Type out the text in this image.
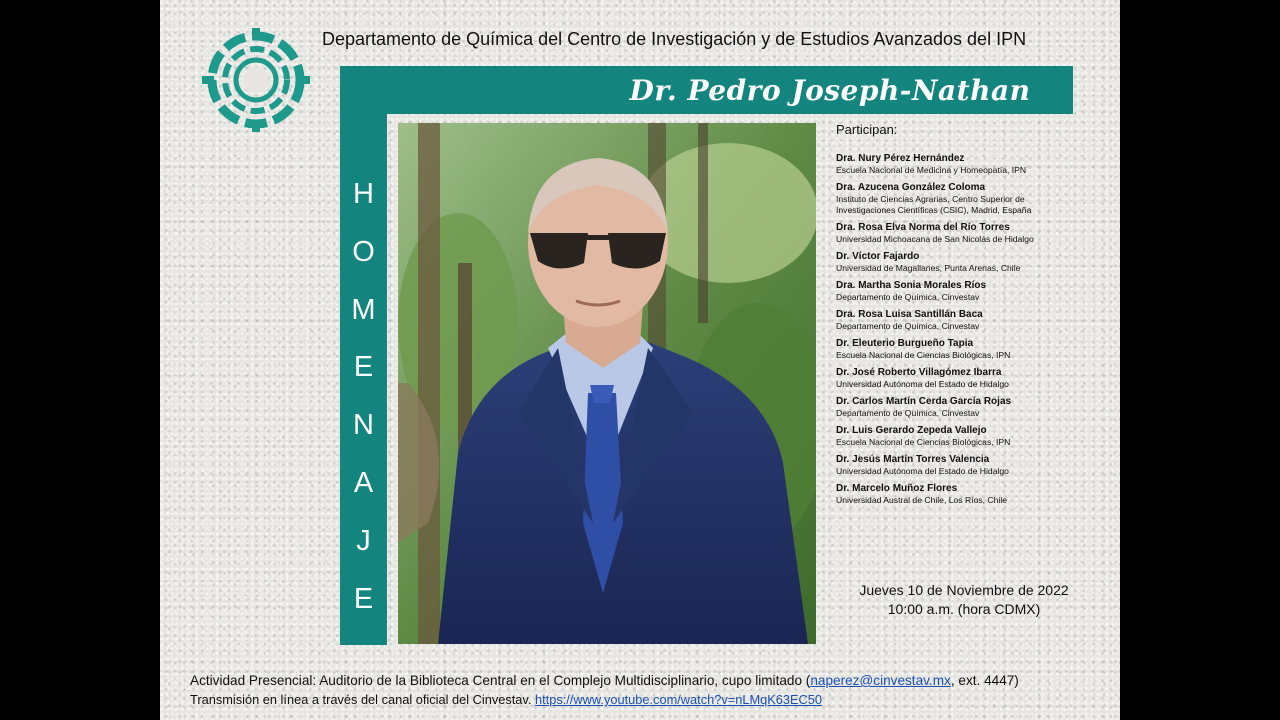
Departamento de Química del Centro de Investigación y de Estudios Avanzados del IPN
Dr. Pedro Joseph-Nathan
H
O
M
E
N
A
J
E
Participan:
Dra. Nury Pérez Hernández
Escuela Nacional de Medicina y Homeopatía, IPN
Dra. Azucena González Coloma
Instituto de Ciencias Agrarias, Centro Superior de Investigaciones Científicas (CSIC), Madrid, España
Dra. Rosa Elva Norma del Río Torres
Universidad Michoacana de San Nicolás de Hidalgo
Dr. Víctor Fajardo
Universidad de Magallanes, Punta Arenas, Chile
Dra. Martha Sonia Morales Ríos
Departamento de Química, Cinvestav
Dra. Rosa Luisa Santillán Baca
Departamento de Química, Cinvestav
Dr. Eleuterio Burgueño Tapia
Escuela Nacional de Ciencias Biológicas, IPN
Dr. José Roberto Villagómez Ibarra
Universidad Autónoma del Estado de Hidalgo
Dr. Carlos Martín Cerda García Rojas
Departamento de Química, Cinvestav
Dr. Luis Gerardo Zepeda Vallejo
Escuela Nacional de Ciencias Biológicas, IPN
Dr. Jesús Martín Torres Valencia
Universidad Autónoma del Estado de Hidalgo
Dr. Marcelo Muñoz Flores
Universidad Austral de Chile, Los Ríos, Chile
Jueves 10 de Noviembre de 2022
10:00 a.m. (hora CDMX)
Actividad Presencial: Auditorio de la Biblioteca Central en el Complejo Multidisciplinario, cupo limitado (naperez@cinvestav.mx, ext. 4447)
Transmisión en línea a través del canal oficial del Cinvestav. https://www.youtube.com/watch?v=nLMqK63EC50
